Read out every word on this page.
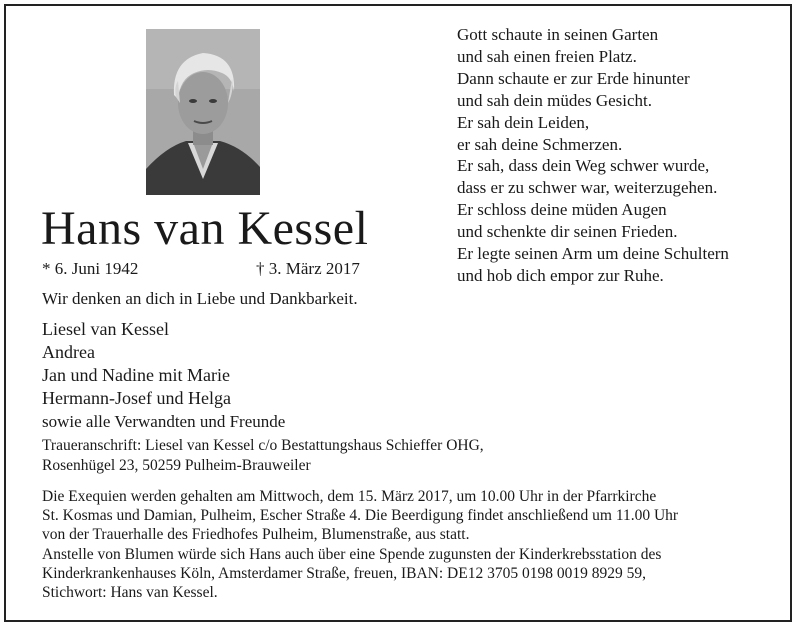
Hans van Kessel
* 6. Juni 1942	† 3. März 2017
Wir denken an dich in Liebe und Dankbarkeit.
Liesel van Kessel
Andrea
Jan und Nadine mit Marie
Hermann-Josef und Helga
sowie alle Verwandten und Freunde
Traueranschrift: Liesel van Kessel c/o Bestattungshaus Schieffer OHG,
Rosenhügel 23, 50259 Pulheim-Brauweiler
Die Exequien werden gehalten am Mittwoch, dem 15. März 2017, um 10.00 Uhr in der Pfarrkirche
St. Kosmas und Damian, Pulheim, Escher Straße 4. Die Beerdigung findet anschließend um 11.00 Uhr
von der Trauerhalle des Friedhofes Pulheim, Blumenstraße, aus statt.
Anstelle von Blumen würde sich Hans auch über eine Spende zugunsten der Kinderkrebsstation des
Kinderkrankenhauses Köln, Amsterdamer Straße, freuen, IBAN: DE12 3705 0198 0019 8929 59,
Stichwort: Hans van Kessel.
Gott schaute in seinen Garten
und sah einen freien Platz.
Dann schaute er zur Erde hinunter
und sah dein müdes Gesicht.
Er sah dein Leiden,
er sah deine Schmerzen.
Er sah, dass dein Weg schwer wurde,
dass er zu schwer war, weiterzugehen.
Er schloss deine müden Augen
und schenkte dir seinen Frieden.
Er legte seinen Arm um deine Schultern
und hob dich empor zur Ruhe.
